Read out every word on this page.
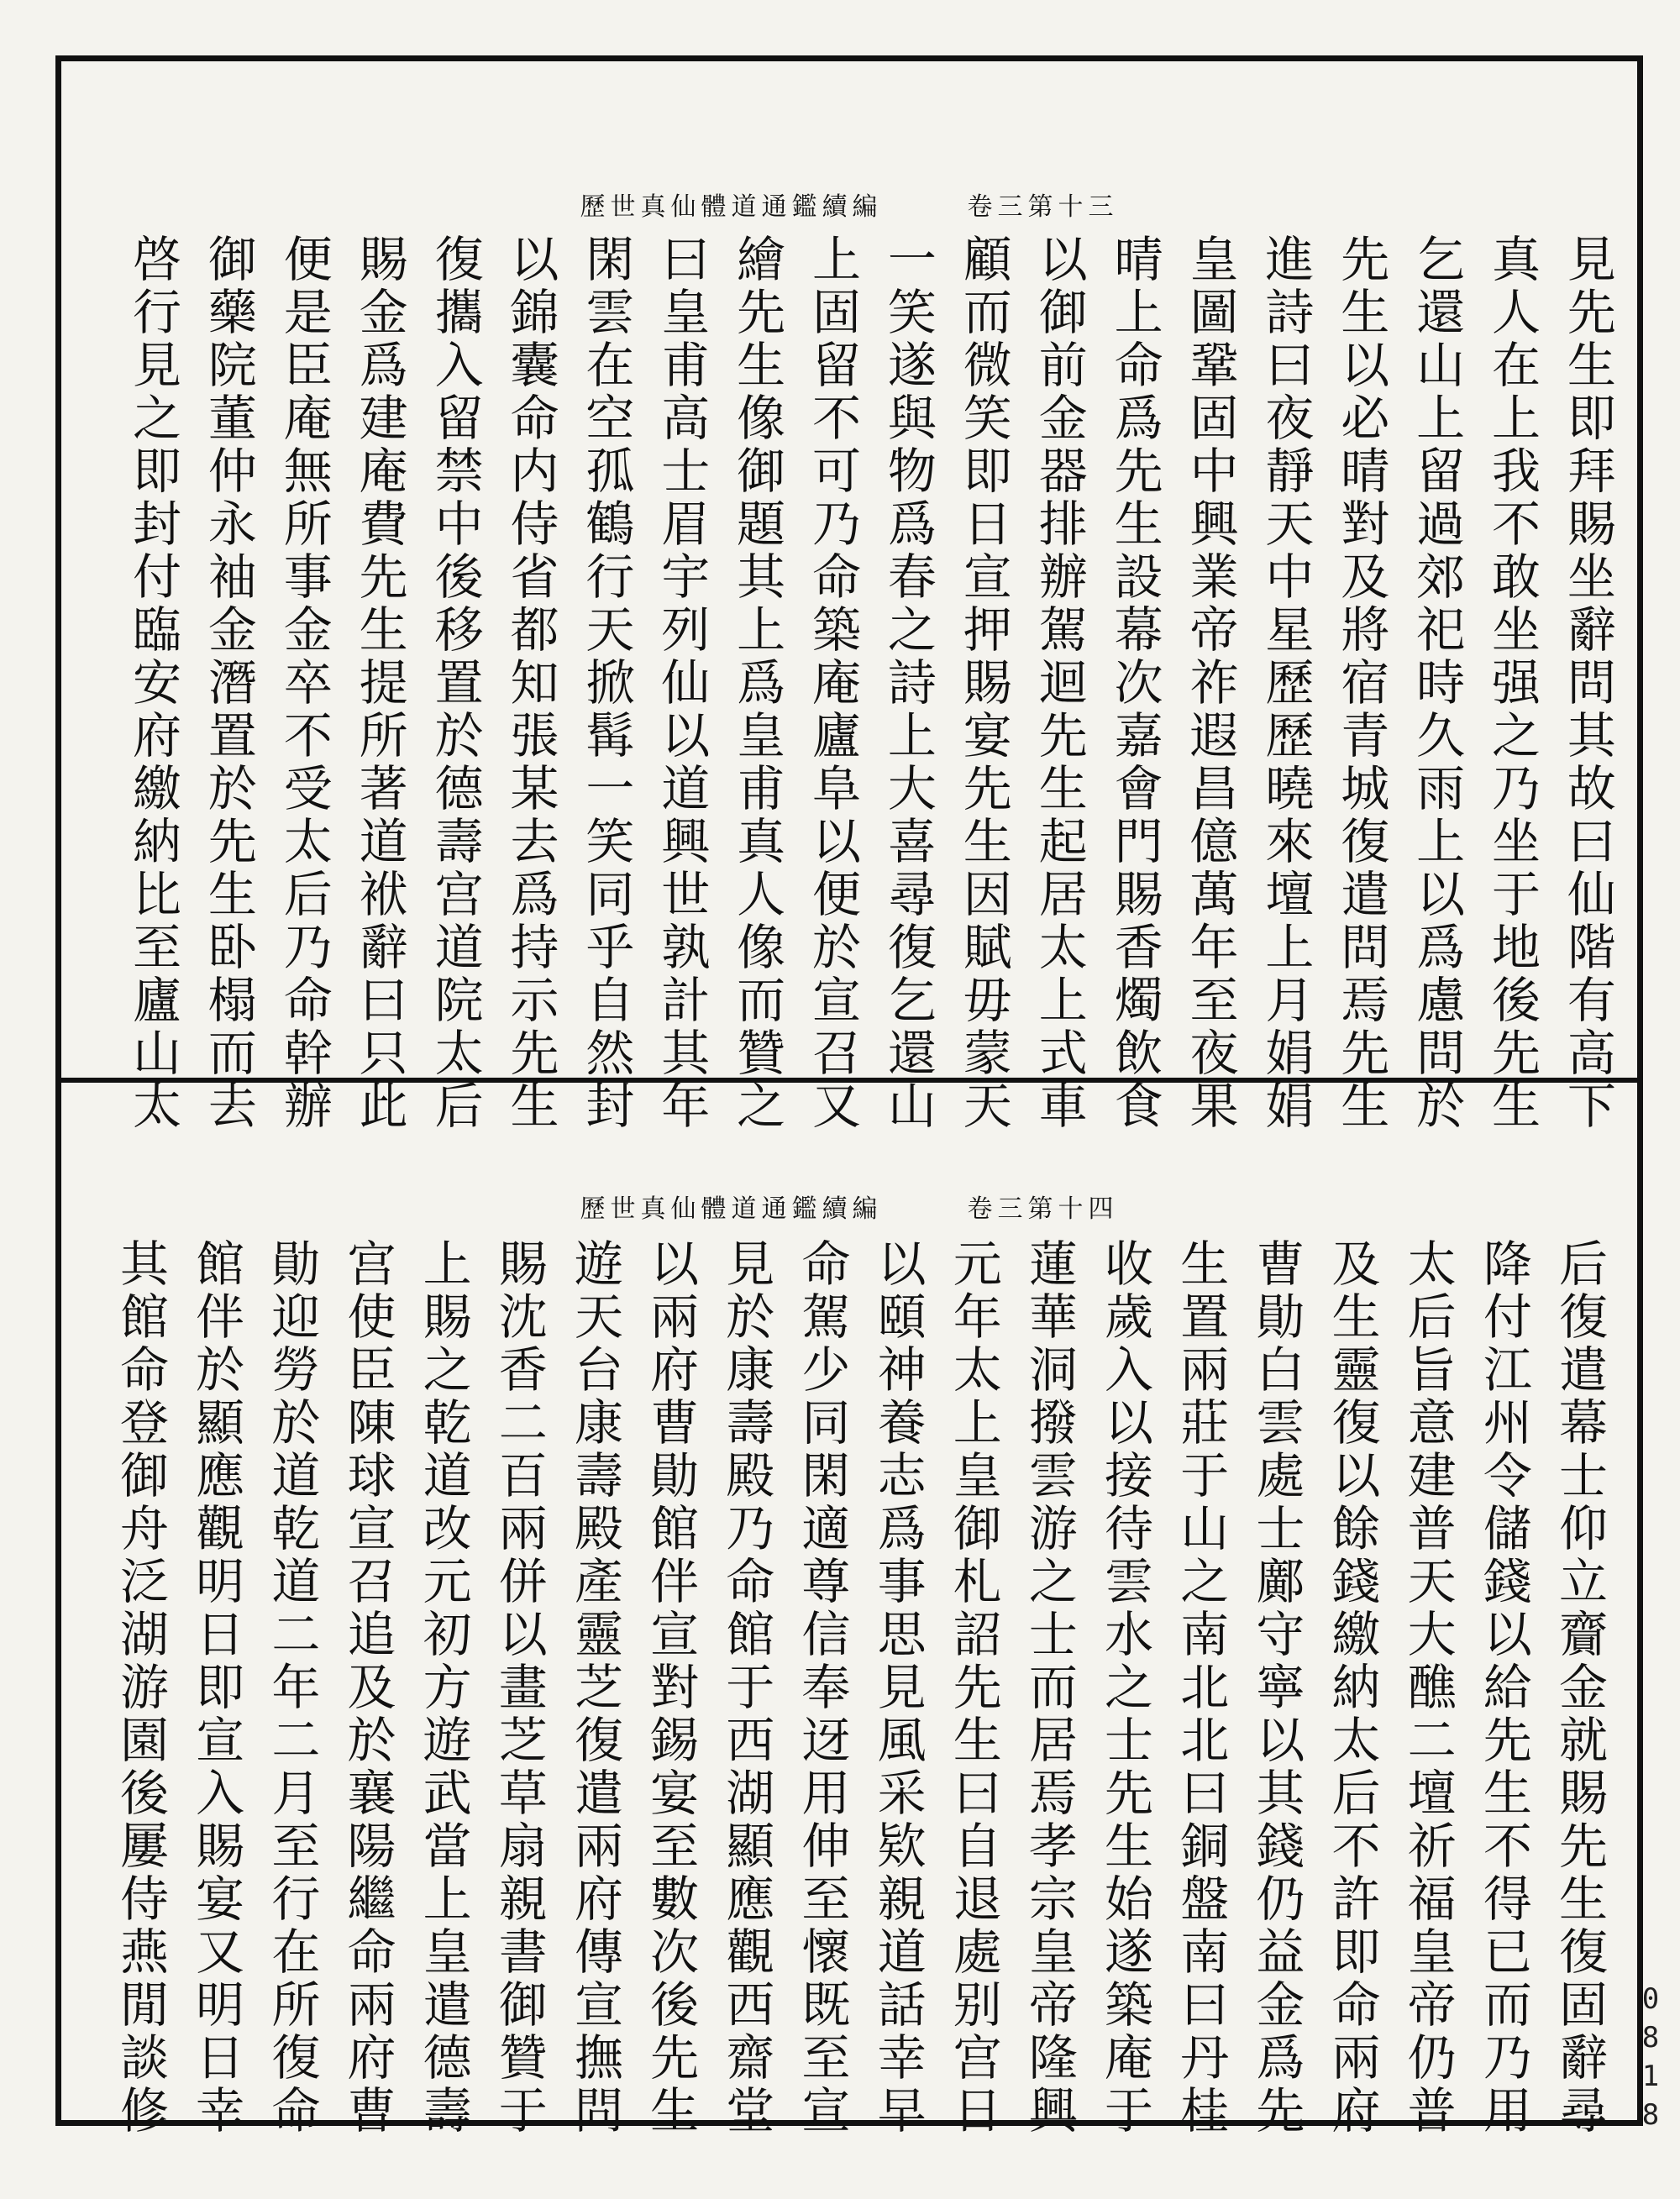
歷世真仙體道通鑑續編	卷三第十三
見先生即拜賜坐辭問其故曰仙階有高下
真人在上我不敢坐强之乃坐于地後先生
乞還山上留過郊祀時久雨上以爲慮問於
先生以必晴對及將宿青城復遣問焉先生
進詩曰夜靜天中星歷歷曉來壇上月娟娟
皇圖鞏固中興業帝祚遐昌億萬年至夜果
晴上命爲先生設幕次嘉會門賜香燭飲食
以御前金器排辦駕迴先生起居太上式車
顧而微笑即日宣押賜宴先生因賦毋蒙天
一笑遂與物爲春之詩上大喜尋復乞還山
上固留不可乃命築庵廬阜以便於宣召又
繪先生像御題其上爲皇甫真人像而贊之
曰皇甫高士眉宇列仙以道興世孰計其年
閑雲在空孤鶴行天掀髯一笑同乎自然封
以錦囊命内侍省都知張某去爲持示先生
復攜入留禁中後移置於德壽宫道院太后
賜金爲建庵費先生提所著道袱辭曰只此
便是臣庵無所事金卒不受太后乃命幹辦
御藥院董仲永袖金潛置於先生卧榻而去
啓行見之即封付臨安府繳納比至廬山太
歷世真仙體道通鑑續編	卷三第十四
后復遣幕士仰立齎金就賜先生復固辭尋
降付江州令儲錢以給先生不得已而乃用
太后旨意建普天大醮二壇祈福皇帝仍普
及生靈復以餘錢繳納太后不許即命兩府
曹勛白雲處士鄺守寧以其錢仍益金爲先
生置兩莊于山之南北北曰銅盤南曰丹桂
收歲入以接待雲水之士先生始遂築庵于
蓮華洞撥雲游之士而居焉孝宗皇帝隆興
元年太上皇御札詔先生曰自退處别宫日
以頤神養志爲事思見風采欵親道話幸早
命駕少同閑適尊信奉迓用伸至懷既至宣
見於康壽殿乃命館于西湖顯應觀西齋堂
以兩府曹勛館伴宣對錫宴至數次後先生
遊天台康壽殿產靈芝復遣兩府傳宣撫問
賜沈香二百兩併以畫芝草扇親書御贊于
上賜之乾道改元初方遊武當上皇遣德壽
宫使臣陳球宣召追及於襄陽繼命兩府曹
勛迎勞於道乾道二年二月至行在所復命
館伴於顯應觀明日即宣入賜宴又明日幸
其館命登御舟泛湖游園後屢侍燕閒談修	0818
